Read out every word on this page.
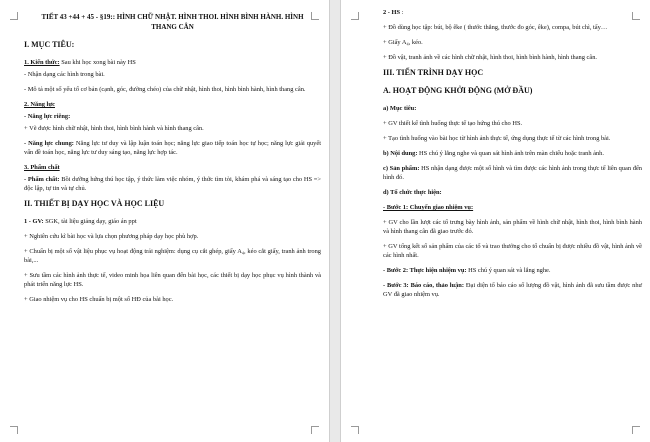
TIẾT 43 +44 + 45 - §19:: HÌNH CHỮ NHẬT. HÌNH THOI. HÌNH BÌNH HÀNH. HÌNH THANG CÂN
I. MỤC TIÊU:
1. Kiến thức: Sau khi học xong bài này HS
- Nhận dạng các hình trong bài.
- Mô tả một số yếu tố cơ bản (cạnh, góc, đường chéo) của chữ nhật, hình thoi, hình bình hành, hình thang cân.
2. Năng lực
- Năng lực riêng:
+ Vẽ được hình chữ nhật, hình thoi, hình bình hành và hình thang cân.
- Năng lực chung: Năng lực tư duy và lập luận toán học; năng lực giao tiếp toán học tự học; năng lực giải quyết vấn đề toán học, năng lực tư duy sáng tạo, năng lực hợp tác.
3. Phẩm chất
- Phẩm chất: Bồi dưỡng hứng thú học tập, ý thức làm việc nhóm, ý thức tìm tòi, khám phá và sáng tạo cho HS => độc lập, tự tin và tự chủ.
II. THIẾT BỊ DẠY HỌC VÀ HỌC LIỆU
1 - GV: SGK, tài liệu giảng dạy, giáo án ppt
+ Nghiên cứu kĩ bài học và lựa chọn phương pháp dạy học phù hợp.
+ Chuẩn bị một số vật liệu phục vụ hoạt động trải nghiệm: dụng cụ cắt ghép, giấy A₄, kéo cắt giấy, tranh ảnh trong bài,...
+ Sưu tầm các hình ảnh thực tế, video minh họa liên quan đến bài học, các thiết bị dạy học phục vụ hình thành và phát triển năng lực HS.
+ Giao nhiệm vụ cho HS chuẩn bị một số HĐ của bài học.
2 - HS :
+ Đồ dùng học tập: bút, bộ êke ( thước thẳng, thước đo góc, êke), compa, bút chì, tẩy…
+ Giấy A₄, kéo.
+ Đồ vật, tranh ảnh về các hình chữ nhật, hình thoi, hình bình hành, hình thang cân.
III. TIẾN TRÌNH DẠY HỌC
A. HOẠT ĐỘNG KHỞI ĐỘNG (MỞ ĐẦU)
a) Mục tiêu:
+ GV thiết kế tình huống thực tế tạo hứng thú cho HS.
+ Tạo tình huống vào bài học từ hình ảnh thực tế, ứng dụng thực tế từ các hình trong bài.
b) Nội dung: HS chú ý lắng nghe và quan sát hình ảnh trên màn chiếu hoặc tranh ảnh.
c) Sản phẩm: HS nhận dạng được một số hình và tìm được các hình ảnh trong thực tế liên quan đến hình đó.
d) Tổ chức thực hiện:
- Bước 1: Chuyển giao nhiệm vụ:
+ GV cho lần lượt các tổ trưng bày hình ảnh, sản phẩm về hình chữ nhật, hình thoi, hình bình hành và hình thang cân đã giao trước đó.
+ GV tổng kết số sản phẩm của các tổ và trao thưởng cho tổ chuẩn bị được nhiều đồ vật, hình ảnh về các hình nhất.
- Bước 2: Thực hiện nhiệm vụ: HS chú ý quan sát và lắng nghe.
- Bước 3: Báo cáo, thảo luận: Đại diện tổ báo cáo số lượng đồ vật, hình ảnh đã sưu tầm được như GV đã giao nhiệm vụ.
